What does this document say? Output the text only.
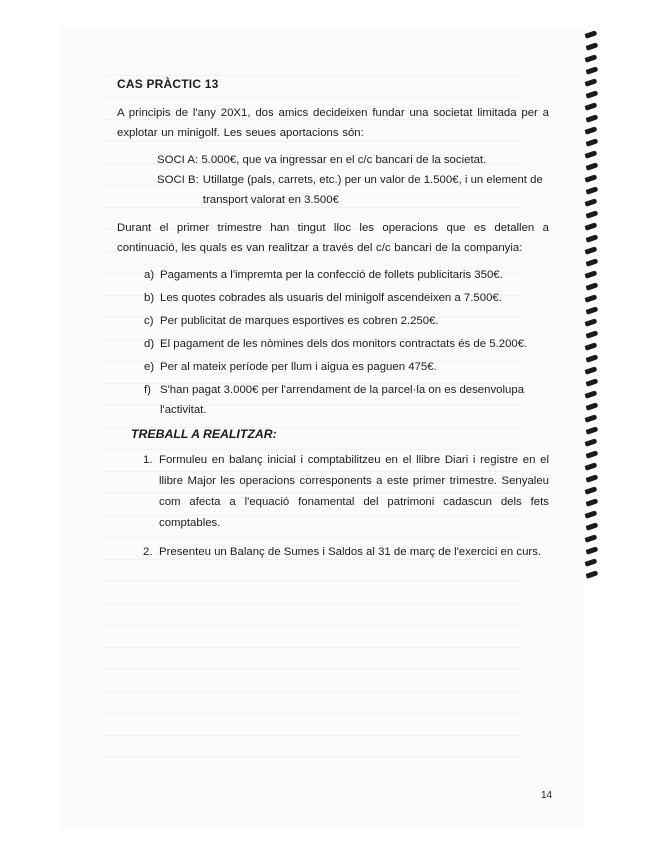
CAS PRÀCTIC 13

A principis de l'any 20X1, dos amics decideixen fundar una societat limitada per a explotar un minigolf. Les seues aportacions són:

SOCI A: 5.000€, que va ingressar en el c/c bancari de la societat.

SOCI B: Utillatge (pals, carrets, etc.) per un valor de 1.500€, i un element de transport valorat en 3.500€

Durant el primer trimestre han tingut lloc les operacions que es detallen a continuació, les quals es van realitzar a través del c/c bancari de la companyia:

a) Pagaments a l'impremta per la confecció de follets publicitaris 350€.
b) Les quotes cobrades als usuaris del minigolf ascendeixen a 7.500€.
c) Per publicitat de marques esportives es cobren 2.250€.
d) El pagament de les nòmines dels dos monitors contractats és de 5.200€.
e) Per al mateix període per llum i aigua es paguen 475€.
f) S'han pagat 3.000€ per l'arrendament de la parcel·la on es desenvolupa l'activitat.
TREBALL A REALITZAR:
1. Formuleu en balanç inicial i comptabilitzeu en el llibre Diari i registre en el llibre Major les operacions corresponents a este primer trimestre. Senyaleu com afecta a l'equació fonamental del patrimoni cadascun dels fets comptables.
2. Presenteu un Balanç de Sumes i Saldos al 31 de març de l'exercici en curs.
14
